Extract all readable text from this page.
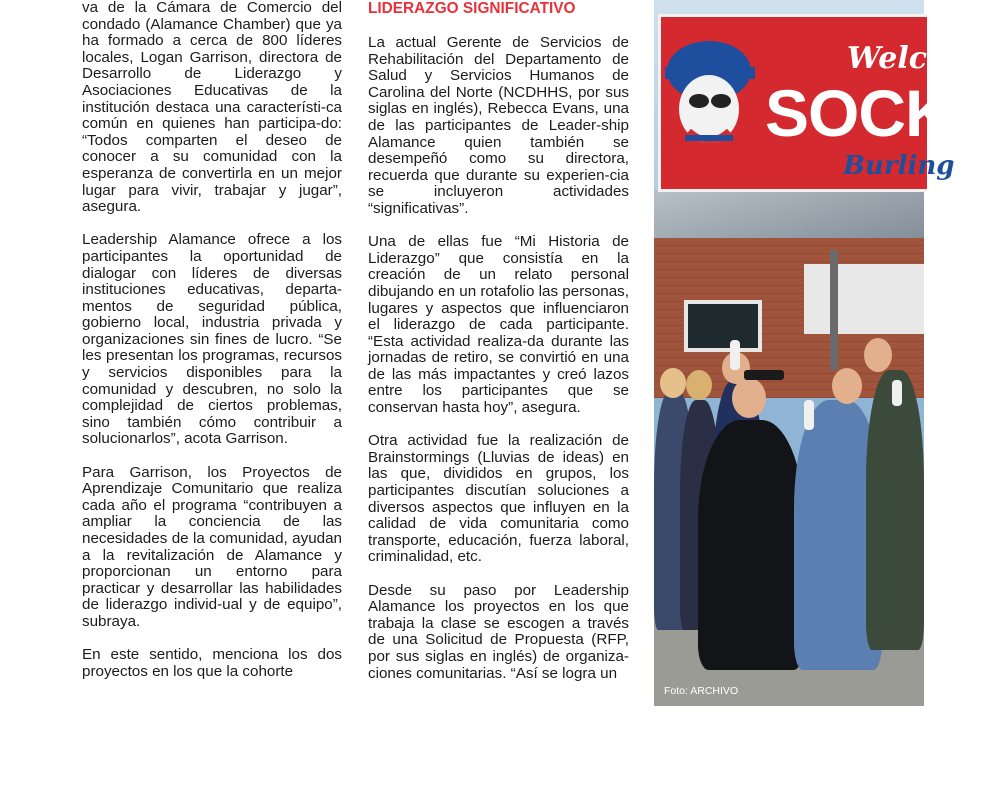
va de la Cámara de Comercio del condado (Alamance Chamber) que ya ha formado a cerca de 800 líderes locales, Logan Garrison, directora de Desarrollo de Liderazgo y Asociaciones Educativas de la institución destaca una característi-ca común en quienes han participa-do: “Todos comparten el deseo de conocer a su comunidad con la esperanza de convertirla en un mejor lugar para vivir, trabajar y jugar”, asegura.

Leadership Alamance ofrece a los participantes la oportunidad de dialogar con líderes de diversas instituciones educativas, departa-mentos de seguridad pública, gobierno local, industria privada y organizaciones sin fines de lucro. “Se les presentan los programas, recursos y servicios disponibles para la comunidad y descubren, no solo la complejidad de ciertos problemas, sino también cómo contribuir a solucionarlos”, acota Garrison.

Para Garrison, los Proyectos de Aprendizaje Comunitario que realiza cada año el programa “contribuyen a ampliar la conciencia de las necesidades de la comunidad, ayudan a la revitalización de Alamance y proporcionan un entorno para practicar y desarrollar las habilidades de liderazgo individ-ual y de equipo”, subraya.

En este sentido, menciona los dos proyectos en los que la cohorte

LIDERAZGO SIGNIFICATIVO

La actual Gerente de Servicios de Rehabilitación del Departamento de Salud y Servicios Humanos de Carolina del Norte (NCDHHS, por sus siglas en inglés), Rebecca Evans, una de las participantes de Leader-ship Alamance quien también se desempeñó como su directora, recuerda que durante su experien-cia se incluyeron actividades “significativas”.

Una de ellas fue “Mi Historia de Liderazgo” que consistía en la creación de un relato personal dibujando en un rotafolio las personas, lugares y aspectos que influenciaron el liderazgo de cada participante. “Esta actividad realiza-da durante las jornadas de retiro, se convirtió en una de las más impactantes y creó lazos entre los participantes que se conservan hasta hoy”, asegura.

Otra actividad fue la realización de Brainstormings (Lluvias de ideas) en las que, divididos en grupos, los participantes discutían soluciones a diversos aspectos que influyen en la calidad de vida comunitaria como transporte, educación, fuerza laboral, criminalidad, etc.

Desde su paso por Leadership Alamance los proyectos en los que trabaja la clase se escogen a través de una Solicitud de Propuesta (RFP, por sus siglas en inglés) de organiza-ciones comunitarias. “Así se logra un

Welcom
SOCKV
Burling
Foto: ARCHIVO
